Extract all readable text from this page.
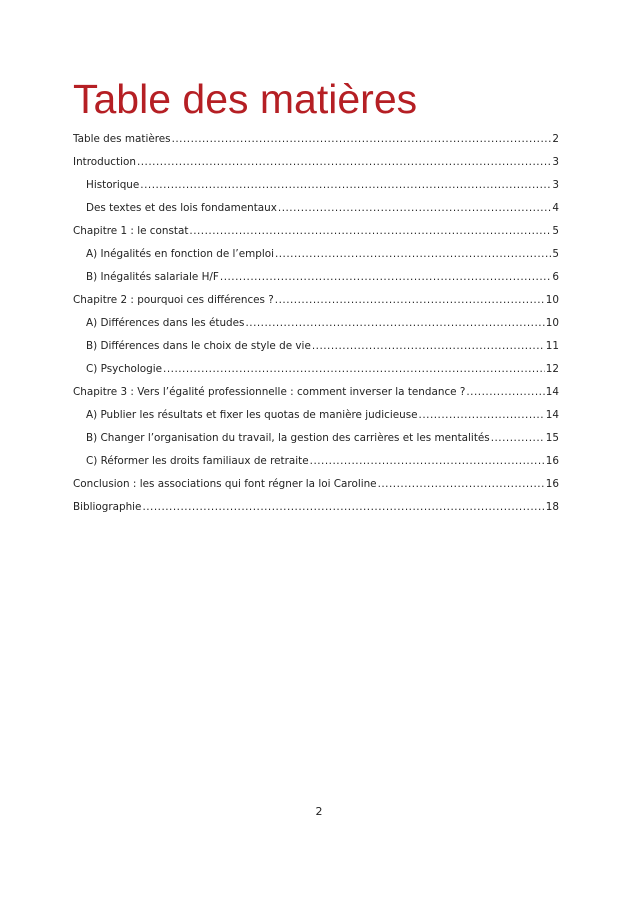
Table des matières
Table des matières .....	2
Introduction .....	3
Historique .....	3
Des textes et des lois fondamentaux .....	4
Chapitre 1 : le constat .....	5
A) Inégalités en fonction de l’emploi .....	5
B) Inégalités salariale H/F .....	6
Chapitre 2 : pourquoi ces différences ? .....	10
A) Différences dans les études .....	10
B) Différences dans le choix de style de vie .....	11
C) Psychologie .....	12
Chapitre 3 : Vers l’égalité professionnelle : comment inverser la tendance ? .....	14
A) Publier les résultats et fixer les quotas de manière judicieuse .....	14
B) Changer l’organisation du travail, la gestion des carrières et les mentalités .....	15
C) Réformer les droits familiaux de retraite .....	16
Conclusion : les associations qui font régner la loi Caroline .....	16
Bibliographie .....	18
2
